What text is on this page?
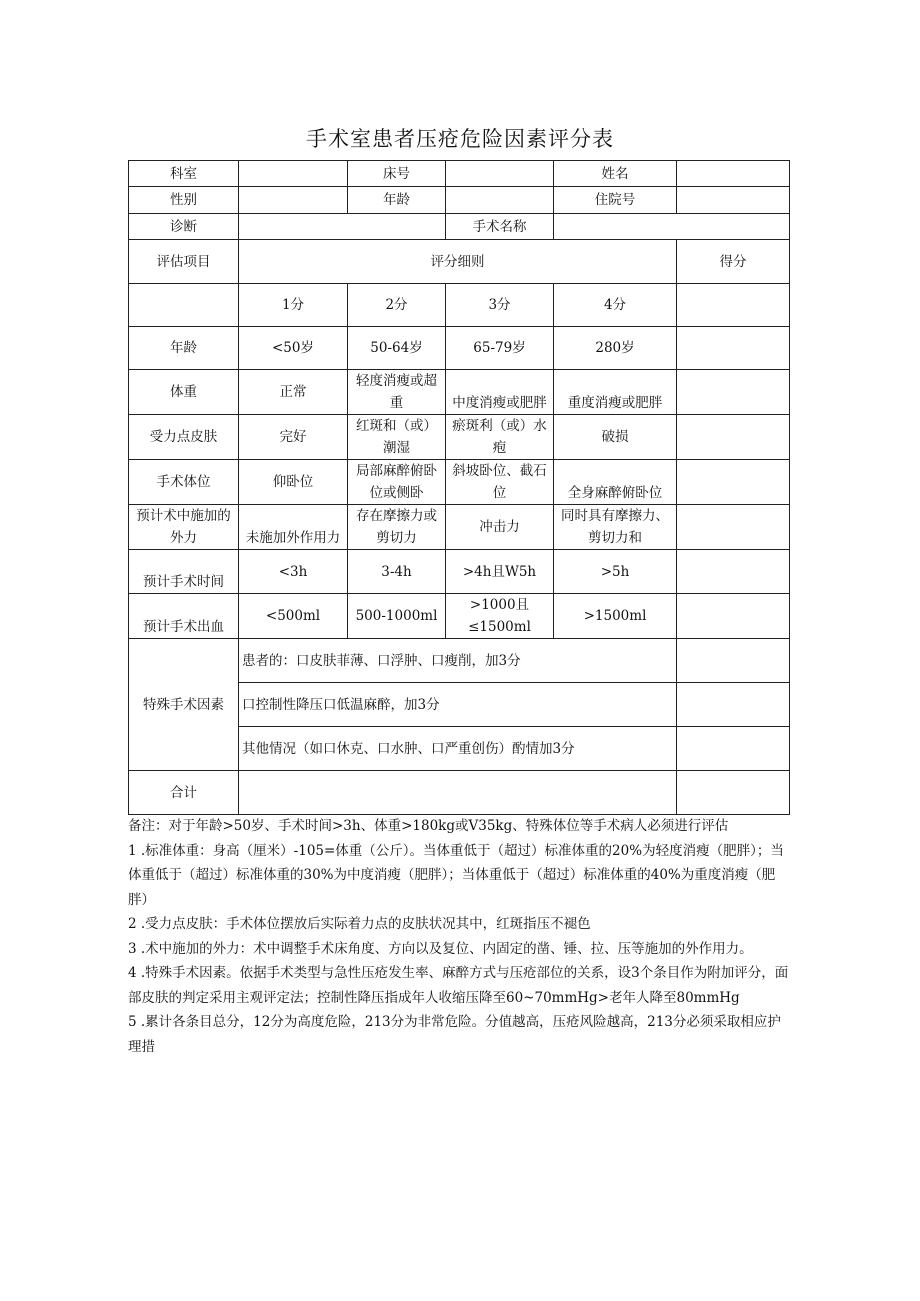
手术室患者压疮危险因素评分表
科室		床号		姓名	
性别		年龄		住院号	
诊断			手术名称		
评估项目	评分细则				得分
	1分	2分	3分	4分	
年龄	<50岁	50-64岁	65-79岁	280岁	
体重	正常	轻度消瘦或超重	中度消瘦或肥胖	重度消瘦或肥胖	
受力点皮肤	完好	红斑和（或）潮湿	瘀斑利（或）水疱	破损	
手术体位	仰卧位	局部麻醉俯卧位或侧卧	斜坡卧位、截石位	全身麻醉俯卧位	
预计术中施加的外力	未施加外作用力	存在摩擦力或剪切力	冲击力	同时具有摩擦力、剪切力和	
预计手术时间	<3h	3-4h	>4h且W5h	>5h	
预计手术出血	<500ml	500-1000ml	>1000且≤1500ml	>1500ml	
特殊手术因素	患者的：口皮肤菲薄、口浮肿、口瘦削，加3分				
	口控制性降压口低温麻醉，加3分				
	其他情况（如口休克、口水肿、口严重创伤）酌情加3分				
合计					

备注：对于年龄>50岁、手术时间>3h、体重>180kg或V35kg、特殊体位等手术病人必须进行评估

1 .标准体重：身高（厘米）-105=体重（公斤）。当体重低于（超过）标准体重的20%为轻度消瘦（肥胖）；当体重低于（超过）标准体重的30%为中度消瘦（肥胖）；当体重低于（超过）标准体重的40%为重度消瘦（肥胖）

2 .受力点皮肤：手术体位摆放后实际着力点的皮肤状况其中，红斑指压不褪色

3 .术中施加的外力：术中调整手术床角度、方向以及复位、内固定的凿、锤、拉、压等施加的外作用力。

4 .特殊手术因素。依据手术类型与急性压疮发生率、麻醉方式与压疮部位的关系，设3个条目作为附加评分，面部皮肤的判定采用主观评定法；控制性降压指成年人收缩压降至60~70mmHg>老年人降至80mmHg

5 .累计各条目总分，12分为高度危险，213分为非常危险。分值越高，压疮风险越高，213分必须采取相应护理措
